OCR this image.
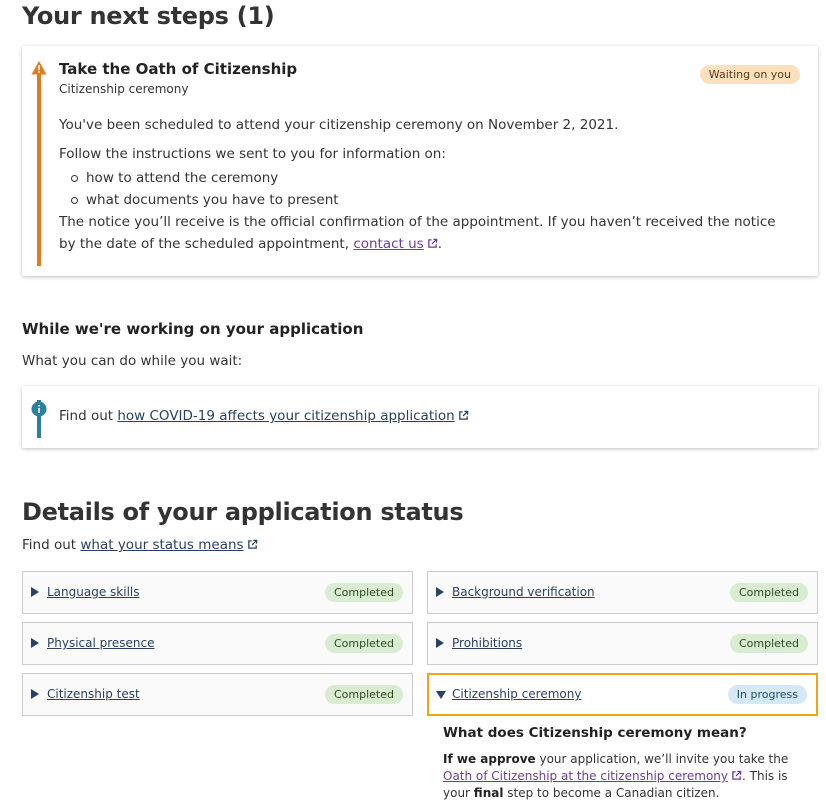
Your next steps (1)
Take the Oath of Citizenship
Citizenship ceremony
Waiting on you

You've been scheduled to attend your citizenship ceremony on November 2, 2021.

Follow the instructions we sent to you for information on:

how to attend the ceremony
what documents you have to present
The notice you’ll receive is the official confirmation of the appointment. If you haven’t received the notice by the date of the scheduled appointment, contact us .
While we're working on your application
What you can do while you wait:
Find out how COVID-19 affects your citizenship application
Details of your application status
Find out what your status means
Language skills	Completed	Background verification	Completed
Physical presence	Completed	Prohibitions	Completed
Citizenship test	Completed	Citizenship ceremony	In progress
What does Citizenship ceremony mean?
If we approve your application, we’ll invite you take the Oath of Citizenship at the citizenship ceremony . This is your final step to become a Canadian citizen.
